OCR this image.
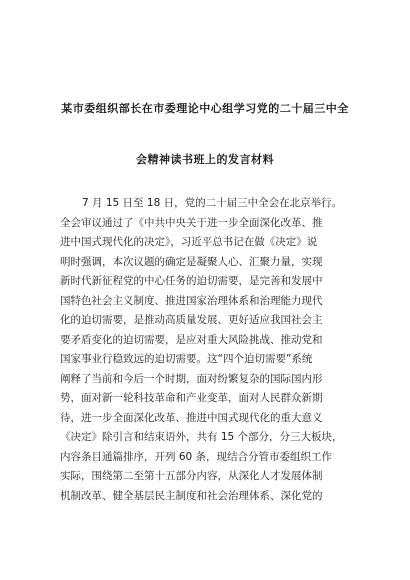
某市委组织部长在市委理论中心组学习党的二十届三中全
会精神读书班上的发言材料
7 月 15 日至 18 日，党的二十届三中全会在北京举行。
全会审议通过了《中共中央关于进一步全面深化改革、推
进中国式现代化的决定》，习近平总书记在做《决定》说
明时强调，本次议题的确定是凝聚人心、汇聚力量，实现
新时代新征程党的中心任务的迫切需要，是完善和发展中
国特色社会主义制度、推进国家治理体系和治理能力现代
化的迫切需要，是推动高质量发展、更好适应我国社会主
要矛盾变化的迫切需要，是应对重大风险挑战、推动党和
国家事业行稳致远的迫切需要。这“四个迫切需要”系统
阐释了当前和今后一个时期，面对纷繁复杂的国际国内形
势，面对新一轮科技革命和产业变革，面对人民群众新期
待，进一步全面深化改革、推进中国式现代化的重大意义
《决定》除引言和结束语外，共有 15 个部分，分三大板块，
内容条目通篇排序，开列 60 条，现结合分管市委组织工作
实际，围绕第二至第十五部分内容，从深化人才发展体制
机制改革、健全基层民主制度和社会治理体系、深化党的
